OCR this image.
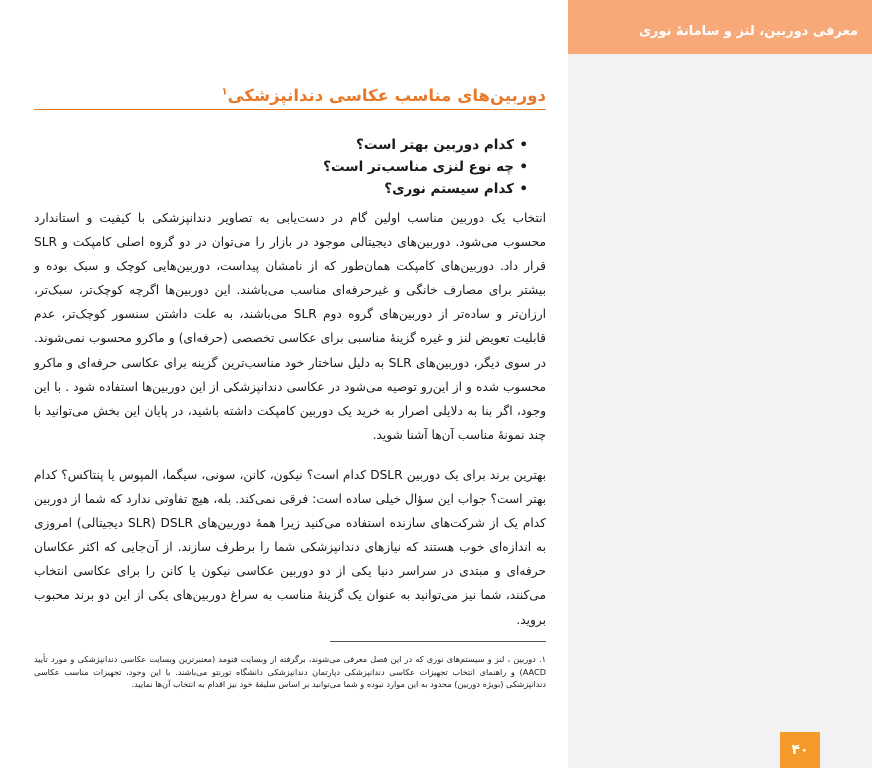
معرفی دوربین، لنز و سامانهٔ نوری
دوربین‌های مناسب عکاسی دندانپزشکی$^۱$
• کدام دوربین بهتر است؟
• چه نوع لنزی مناسب‌تر است؟
• کدام سیستم نوری؟

انتخاب یک دوربین مناسب اولین گام در دست‌یابی به تصاویر دندانپزشکی با کیفیت و استاندارد محسوب می‌شود. دوربین‌های دیجیتالی موجود در بازار را می‌توان در دو گروه اصلی کامپکت و SLR قرار داد. دوربین‌های کامپکت همان‌طور که از نامشان پیداست، دوربین‌هایی کوچک و سبک بوده و بیشتر برای مصارف خانگی و غیرحرفه‌ای مناسب می‌باشند. این دوربین‌ها اگرچه کوچک‌تر، سبک‌تر، ارزان‌تر و ساده‌تر از دوربین‌های گروه دوم SLR می‌باشند، به علت داشتن سنسور کوچک‌تر، عدم قابلیت تعویض لنز و غیره گزینهٔ مناسبی برای عکاسی تخصصی (حرفه‌ای) و ماکرو محسوب نمی‌شوند. در سوی دیگر، دوربین‌های SLR به دلیل ساختار خود مناسب‌ترین گزینه برای عکاسی حرفه‌ای و ماکرو محسوب شده و از این‌رو توصیه می‌شود در عکاسی دندانپزشکی از این دوربین‌ها استفاده شود . با این وجود، اگر بنا به دلایلی اصرار به خرید یک دوربین کامپکت داشته باشید، در پایان این بخش می‌توانید با چند نمونهٔ مناسب آن‌ها آشنا شوید.

بهترین برند برای یک دوربین DSLR کدام است؟ نیکون، کانن، سونی، سیگما، المپوس یا پنتاکس؟ کدام بهتر است؟ جواب این سؤال خیلی ساده است: فرقی نمی‌کند. بله، هیچ تفاوتی ندارد که شما از دوربین کدام یک از شرکت‌های سازنده استفاده می‌کنید زیرا همهٔ دوربین‌های SLR) DSLR دیجیتالی) امروزی به اندازه‌ای خوب هستند که نیازهای دندانپزشکی شما را برطرف سازند. از آن‌جایی که اکثر عکاسان حرفه‌ای و مبتدی در سراسر دنیا یکی از دو دوربین عکاسی نیکون یا کانن را برای عکاسی انتخاب می‌کنند، شما نیز می‌توانید به عنوان یک گزینهٔ مناسب به سراغ دوربین‌های یکی از این دو برند محبوب بروید.

۱. دوربین ، لنز و سیستم‌های نوری که در این فصل معرفی می‌شوند، برگرفته از وبسایت فتومد (معتبرترین وبسایت عکاسی دندانپزشکی و مورد تأیید AACD) و راهنمای انتخاب تجهیزات عکاسی دندانپزشکی دپارتمان دندانپزشکی دانشگاه تورنتو می‌باشند. با این وجود، تجهیزات مناسب عکاسی دندانپزشکی (بویژه دوربین) محدود به این موارد نبوده و شما می‌توانید بر اساس سلیقهٔ خود نیز اقدام به انتخاب آن‌ها نمایید.

۴۰
